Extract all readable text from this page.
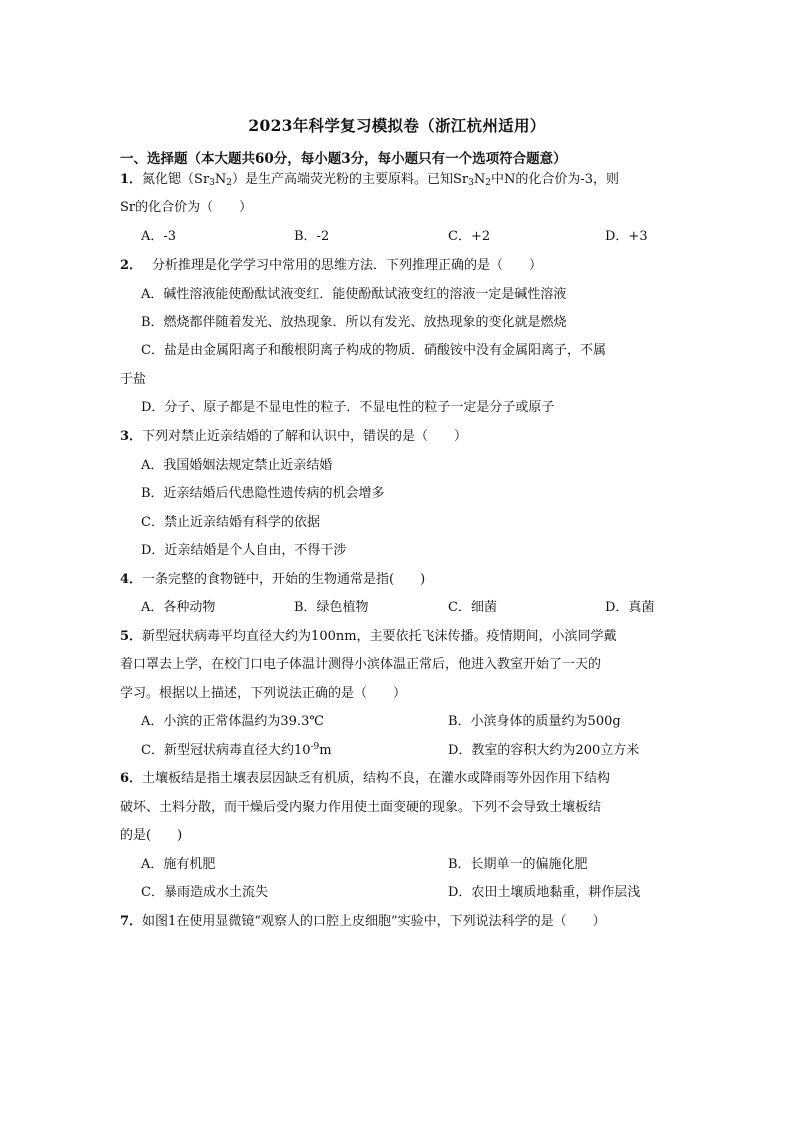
2023年科学复习模拟卷（浙江杭州适用）
一、选择题（本大题共60分，每小题3分，每小题只有一个选项符合题意）
1．氮化锶$(Sr_3N_2)$是生产高端荧光粉的主要原料。已知$Sr_3N_2$中N的化合价为-3，则
Sr的化合价为（　　）
A．-3	B．-2	C．+2	D．+3
2． 分析推理是化学学习中常用的思维方法．下列推理正确的是（　　）
A．碱性溶液能使酚酞试液变红．能使酚酞试液变红的溶液一定是碱性溶液
B．燃烧都伴随着发光、放热现象．所以有发光、放热现象的变化就是燃烧
C．盐是由金属阳离子和酸根阴离子构成的物质．硝酸铵中没有金属阳离子，不属
于盐
D．分子、原子都是不显电性的粒子．不显电性的粒子一定是分子或原子
3．下列对禁止近亲结婚的了解和认识中，错误的是（　　）
A．我国婚姻法规定禁止近亲结婚
B．近亲结婚后代患隐性遗传病的机会增多
C．禁止近亲结婚有科学的依据
D．近亲结婚是个人自由，不得干涉
4．一条完整的食物链中，开始的生物通常是指(　　)
A．各种动物	B．绿色植物	C．细菌	D．真菌
5．新型冠状病毒平均直径大约为100nm，主要依托飞沫传播。疫情期间，小滨同学戴
着口罩去上学，在校门口电子体温计测得小滨体温正常后，他进入教室开始了一天的
学习。根据以上描述，下列说法正确的是（　　）
A．小滨的正常体温约为39.3℃	B．小滨身体的质量约为500g
C．新型冠状病毒直径大约$10^{-9}m$	D．教室的容积大约为200立方米
6．土壤板结是指土壤表层因缺乏有机质，结构不良，在灌水或降雨等外因作用下结构
破坏、土料分散，而干燥后受内聚力作用使土面变硬的现象。下列不会导致土壤板结
的是(　　)
A．施有机肥	B．长期单一的偏施化肥
C．暴雨造成水土流失	D．农田土壤质地黏重，耕作层浅
7．如图1在使用显微镜“观察人的口腔上皮细胞”实验中，下列说法科学的是（　　）
